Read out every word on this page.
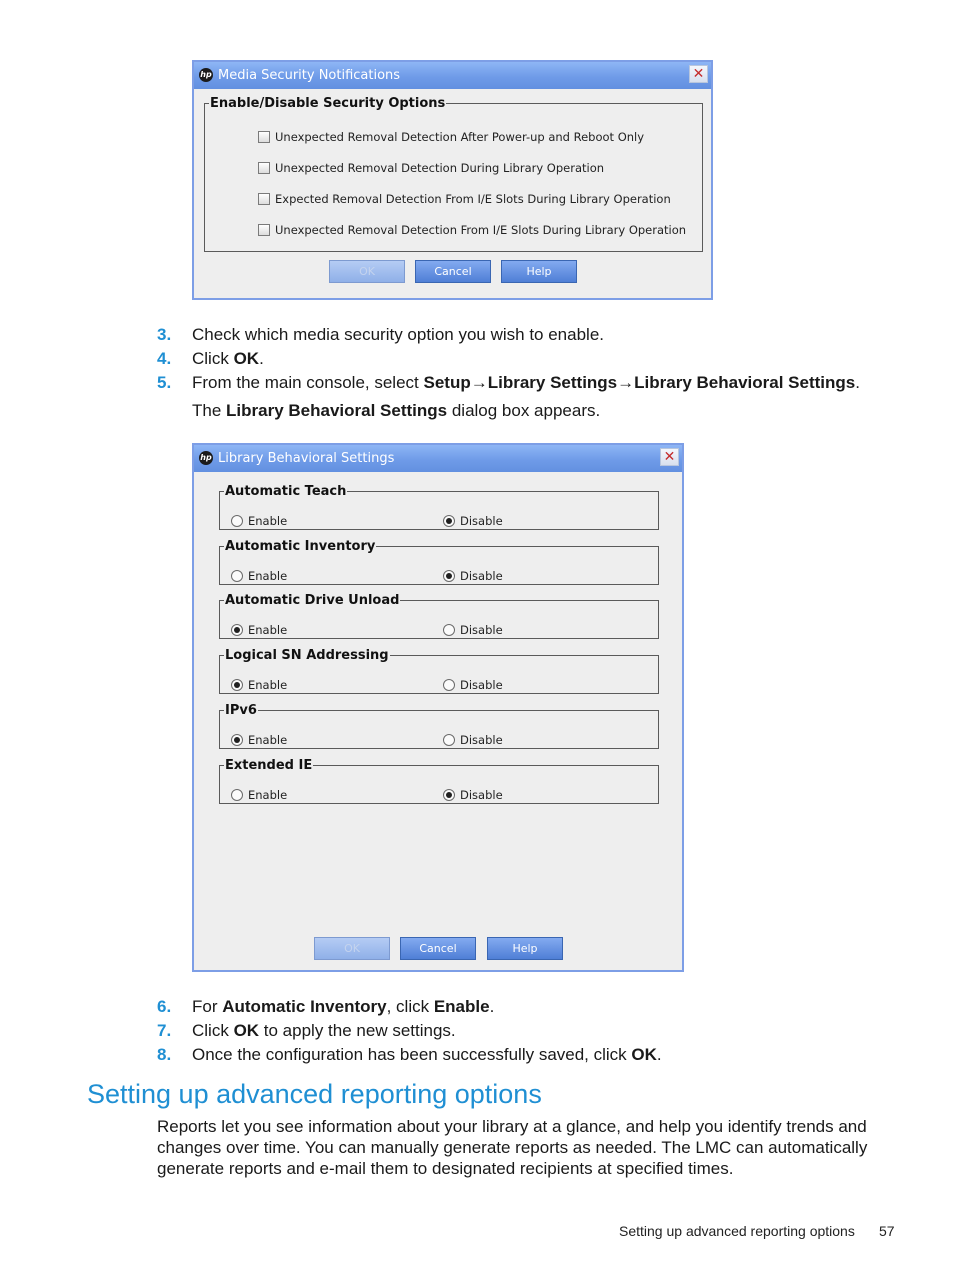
hp Media Security Notifications	✕
Enable/Disable Security Options
Unexpected Removal Detection After Power-up and Reboot Only
Unexpected Removal Detection During Library Operation
Expected Removal Detection From I/E Slots During Library Operation
Unexpected Removal Detection From I/E Slots During Library Operation
OK	Cancel	Help
3. Check which media security option you wish to enable.
4. Click OK.
5. From the main console, select Setup→Library Settings→Library Behavioral Settings.
The Library Behavioral Settings dialog box appears.
hp Library Behavioral Settings	✕
Automatic Teach
Enable	Disable
Automatic Inventory
Enable	Disable
Automatic Drive Unload
Enable	Disable
Logical SN Addressing
Enable	Disable
IPv6
Enable	Disable
Extended IE
Enable	Disable
OK	Cancel	Help
6. For Automatic Inventory, click Enable.
7. Click OK to apply the new settings.
8. Once the configuration has been successfully saved, click OK.
Setting up advanced reporting options

Reports let you see information about your library at a glance, and help you identify trends and changes over time. You can manually generate reports as needed. The LMC can automatically generate reports and e-mail them to designated recipients at specified times.

Setting up advanced reporting options 57
